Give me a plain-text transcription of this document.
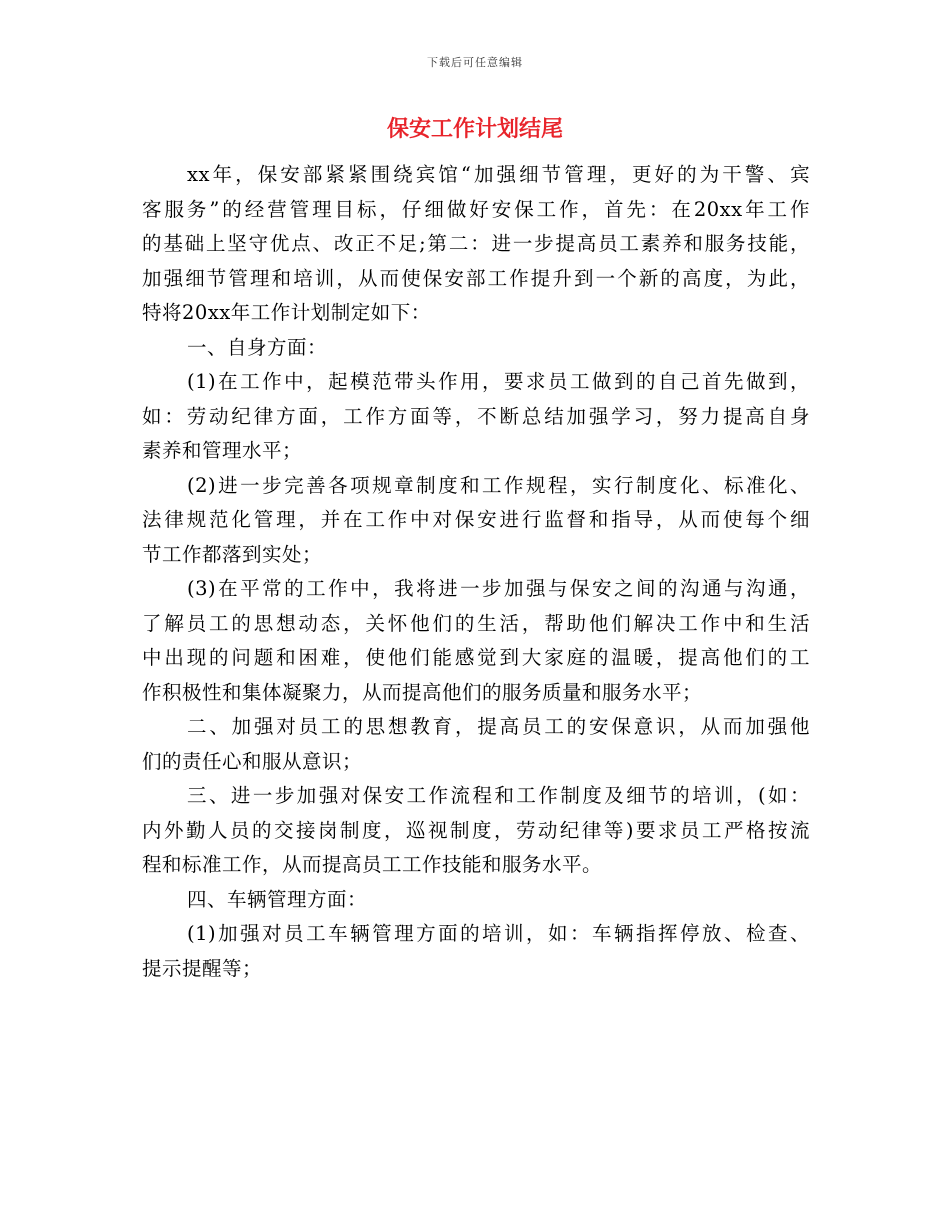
下载后可任意编辑
保安工作计划结尾
xx年，保安部紧紧围绕宾馆“加强细节管理，更好的为干警、宾
客服务”的经营管理目标，仔细做好安保工作，首先：在20xx年工作
的基础上坚守优点、改正不足;第二：进一步提高员工素养和服务技能，
加强细节管理和培训，从而使保安部工作提升到一个新的高度，为此，
特将20xx年工作计划制定如下：
一、自身方面：
(1)在工作中，起模范带头作用，要求员工做到的自己首先做到，
如：劳动纪律方面，工作方面等，不断总结加强学习，努力提高自身
素养和管理水平；
(2)进一步完善各项规章制度和工作规程，实行制度化、标准化、
法律规范化管理，并在工作中对保安进行监督和指导，从而使每个细
节工作都落到实处；
(3)在平常的工作中，我将进一步加强与保安之间的沟通与沟通，
了解员工的思想动态，关怀他们的生活，帮助他们解决工作中和生活
中出现的问题和困难，使他们能感觉到大家庭的温暖，提高他们的工
作积极性和集体凝聚力，从而提高他们的服务质量和服务水平；
二、加强对员工的思想教育，提高员工的安保意识，从而加强他
们的责任心和服从意识；
三、进一步加强对保安工作流程和工作制度及细节的培训，(如：
内外勤人员的交接岗制度，巡视制度，劳动纪律等)要求员工严格按流
程和标准工作，从而提高员工工作技能和服务水平。
四、车辆管理方面：
(1)加强对员工车辆管理方面的培训，如：车辆指挥停放、检查、
提示提醒等；
